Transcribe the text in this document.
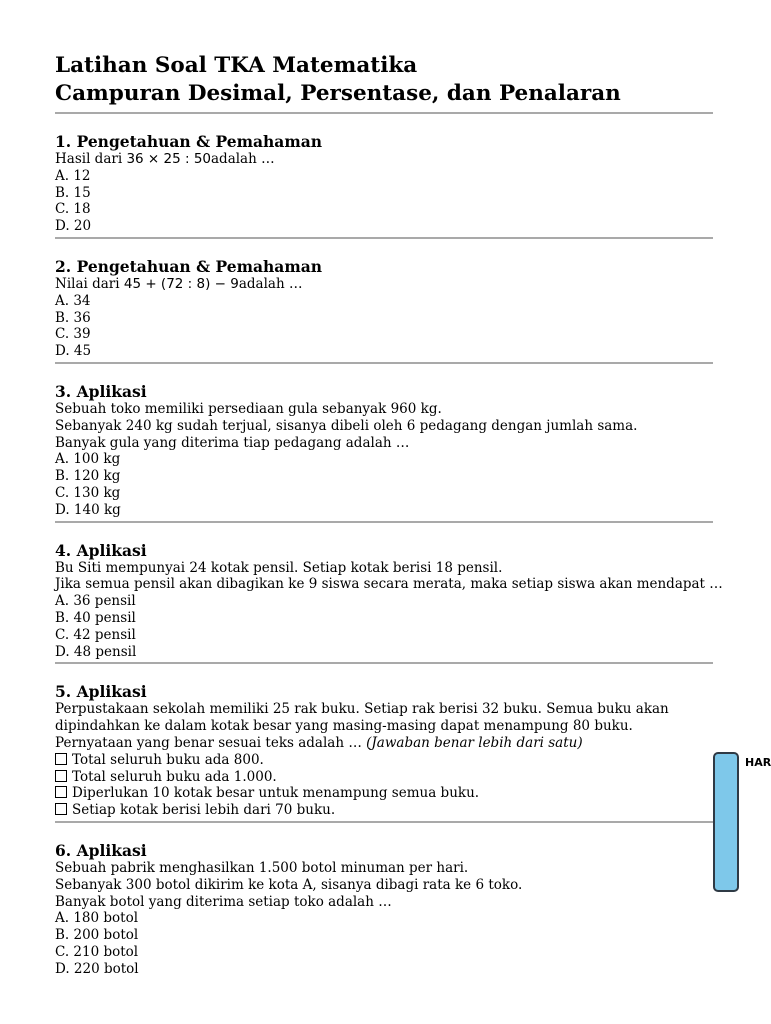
Latihan Soal TKA Matematika
Campuran Desimal, Persentase, dan Penalaran
1. Pengetahuan & Pemahaman
Hasil dari 36 × 25 : 50adalah …
A. 12
B. 15
C. 18
D. 20
2. Pengetahuan & Pemahaman
Nilai dari 45 + (72 : 8) − 9adalah …
A. 34
B. 36
C. 39
D. 45
3. Aplikasi
Sebuah toko memiliki persediaan gula sebanyak 960 kg.
Sebanyak 240 kg sudah terjual, sisanya dibeli oleh 6 pedagang dengan jumlah sama.
Banyak gula yang diterima tiap pedagang adalah …
A. 100 kg
B. 120 kg
C. 130 kg
D. 140 kg
4. Aplikasi
Bu Siti mempunyai 24 kotak pensil. Setiap kotak berisi 18 pensil.
Jika semua pensil akan dibagikan ke 9 siswa secara merata, maka setiap siswa akan mendapat …
A. 36 pensil
B. 40 pensil
C. 42 pensil
D. 48 pensil
5. Aplikasi
Perpustakaan sekolah memiliki 25 rak buku. Setiap rak berisi 32 buku. Semua buku akan dipindahkan ke dalam kotak besar yang masing-masing dapat menampung 80 buku.
Pernyataan yang benar sesuai teks adalah … (Jawaban benar lebih dari satu)
Total seluruh buku ada 800.
Total seluruh buku ada 1.000.
Diperlukan 10 kotak besar untuk menampung semua buku.
Setiap kotak berisi lebih dari 70 buku.
6. Aplikasi
Sebuah pabrik menghasilkan 1.500 botol minuman per hari.
Sebanyak 300 botol dikirim ke kota A, sisanya dibagi rata ke 6 toko.
Banyak botol yang diterima setiap toko adalah …
A. 180 botol
B. 200 botol
C. 210 botol
D. 220 botol
HAR
